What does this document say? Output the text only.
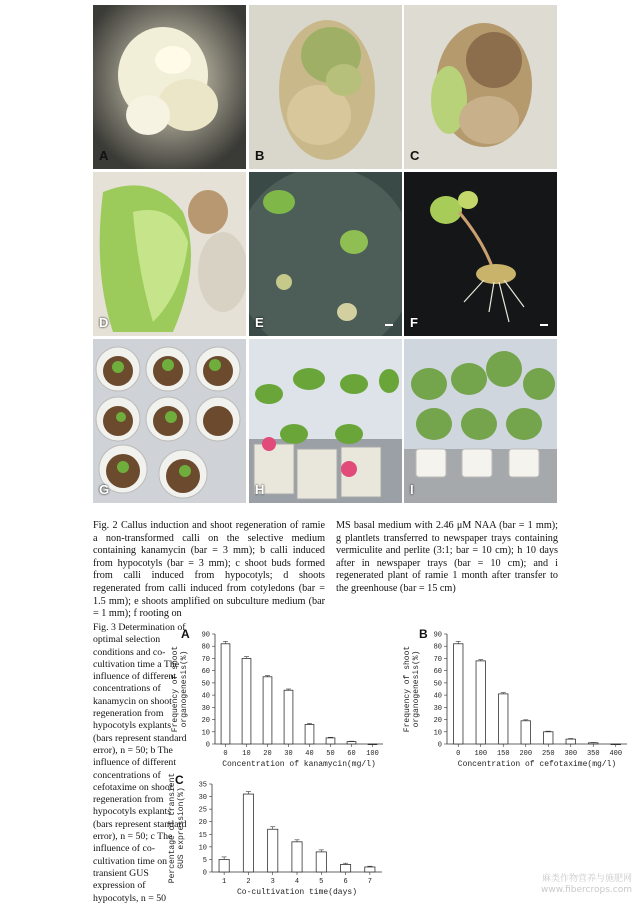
A	B	C
D	E	F
G	H	I
Fig. 2 Callus induction and shoot regeneration of ramie a non-transformed calli on the selective medium containing kanamycin (bar = 3 mm); b calli induced from hypocotyls (bar = 3 mm); c shoot buds formed from calli induced from hypocotyls; d shoots regenerated from calli induced from cotyledons (bar = 1.5 mm); e shoots amplified on subculture medium (bar = 1 mm); f rooting on
MS basal medium with 2.46 μM NAA (bar = 1 mm); g plantlets transferred to newspaper trays containing vermiculite and perlite (3:1; bar = 10 cm); h 10 days after in newspaper trays (bar = 10 cm); and i regenerated plant of ramie 1 month after transfer to the greenhouse (bar = 15 cm)
Fig. 3 Determination of optimal selection conditions and co-cultivation time a The influence of different concentrations of kanamycin on shoot regeneration from hypocotyls explants (bars represent standard error), n = 50; b The influence of different concentrations of cefotaxime on shoot regeneration from hypocotyls explants (bars represent standard error), n = 50; c The influence of co-cultivation time on transient GUS expression of hypocotyls, n = 50
A
0
10
20
30
40
50
60
70
80
90
0 10 20 30 40 50 60 100
Concentration of kanamycin(mg/l)
Frequency of shoot organogenesis(%)
B
0
10
20
30
40
50
60
70
80
90
0 100 150 200 250 300 350 400
Concentration of cefotaxime(mg/l)
Frequency of shoot organogenesis(%)
C
0
5
10
15
20
25
30
35
1	2	3	4	5	6	7
Co-cultivation time(days)
Percentage of transient GUS expression(%)
麻类作物营养与施肥网
www.fibercrops.com
